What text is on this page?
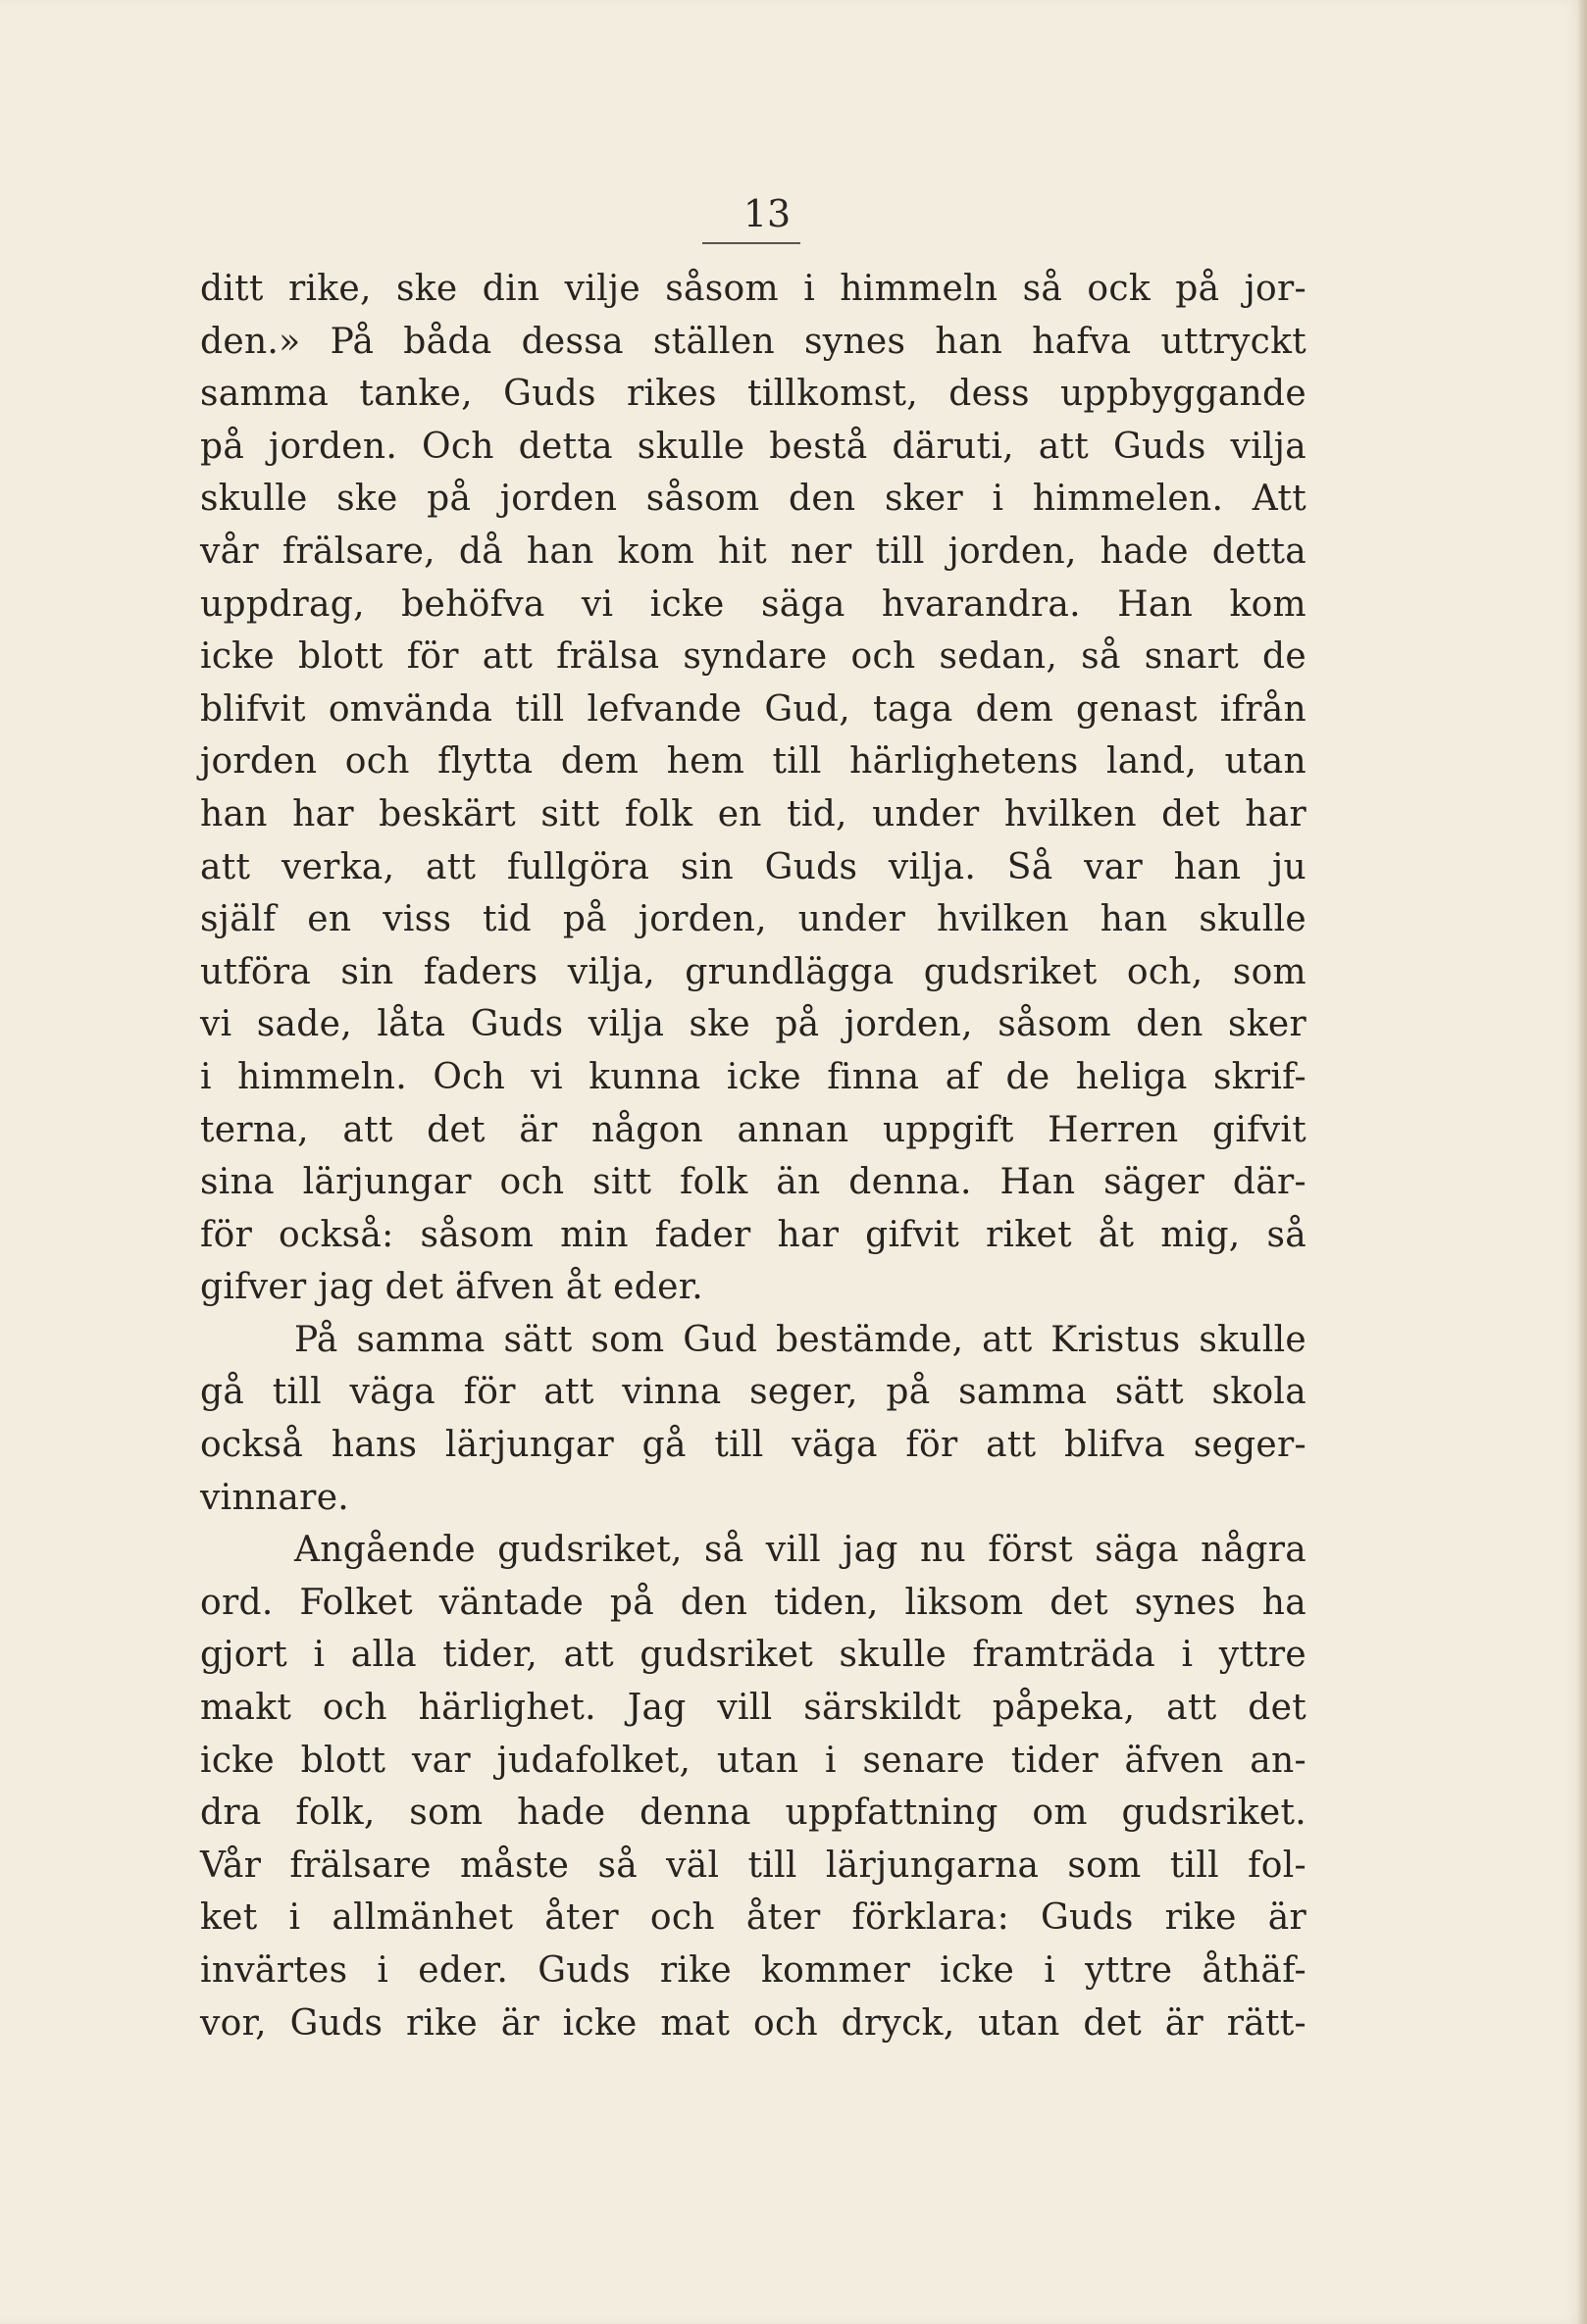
13
ditt rike, ske din vilje såsom i himmeln så ock på jor-
den.» På båda dessa ställen synes han hafva uttryckt
samma tanke, Guds rikes tillkomst, dess uppbyggande
på jorden. Och detta skulle bestå däruti, att Guds vilja
skulle ske på jorden såsom den sker i himmelen. Att
vår frälsare, då han kom hit ner till jorden, hade detta
uppdrag, behöfva vi icke säga hvarandra. Han kom
icke blott för att frälsa syndare och sedan, så snart de
blifvit omvända till lefvande Gud, taga dem genast ifrån
jorden och flytta dem hem till härlighetens land, utan
han har beskärt sitt folk en tid, under hvilken det har
att verka, att fullgöra sin Guds vilja. Så var han ju
själf en viss tid på jorden, under hvilken han skulle
utföra sin faders vilja, grundlägga gudsriket och, som
vi sade, låta Guds vilja ske på jorden, såsom den sker
i himmeln. Och vi kunna icke finna af de heliga skrif-
terna, att det är någon annan uppgift Herren gifvit
sina lärjungar och sitt folk än denna. Han säger där-
för också: såsom min fader har gifvit riket åt mig, så
gifver jag det äfven åt eder.
På samma sätt som Gud bestämde, att Kristus skulle
gå till väga för att vinna seger, på samma sätt skola
också hans lärjungar gå till väga för att blifva seger-
vinnare.
Angående gudsriket, så vill jag nu först säga några
ord. Folket väntade på den tiden, liksom det synes ha
gjort i alla tider, att gudsriket skulle framträda i yttre
makt och härlighet. Jag vill särskildt påpeka, att det
icke blott var judafolket, utan i senare tider äfven an-
dra folk, som hade denna uppfattning om gudsriket.
Vår frälsare måste så väl till lärjungarna som till fol-
ket i allmänhet åter och åter förklara: Guds rike är
invärtes i eder. Guds rike kommer icke i yttre åthäf-
vor, Guds rike är icke mat och dryck, utan det är rätt-
